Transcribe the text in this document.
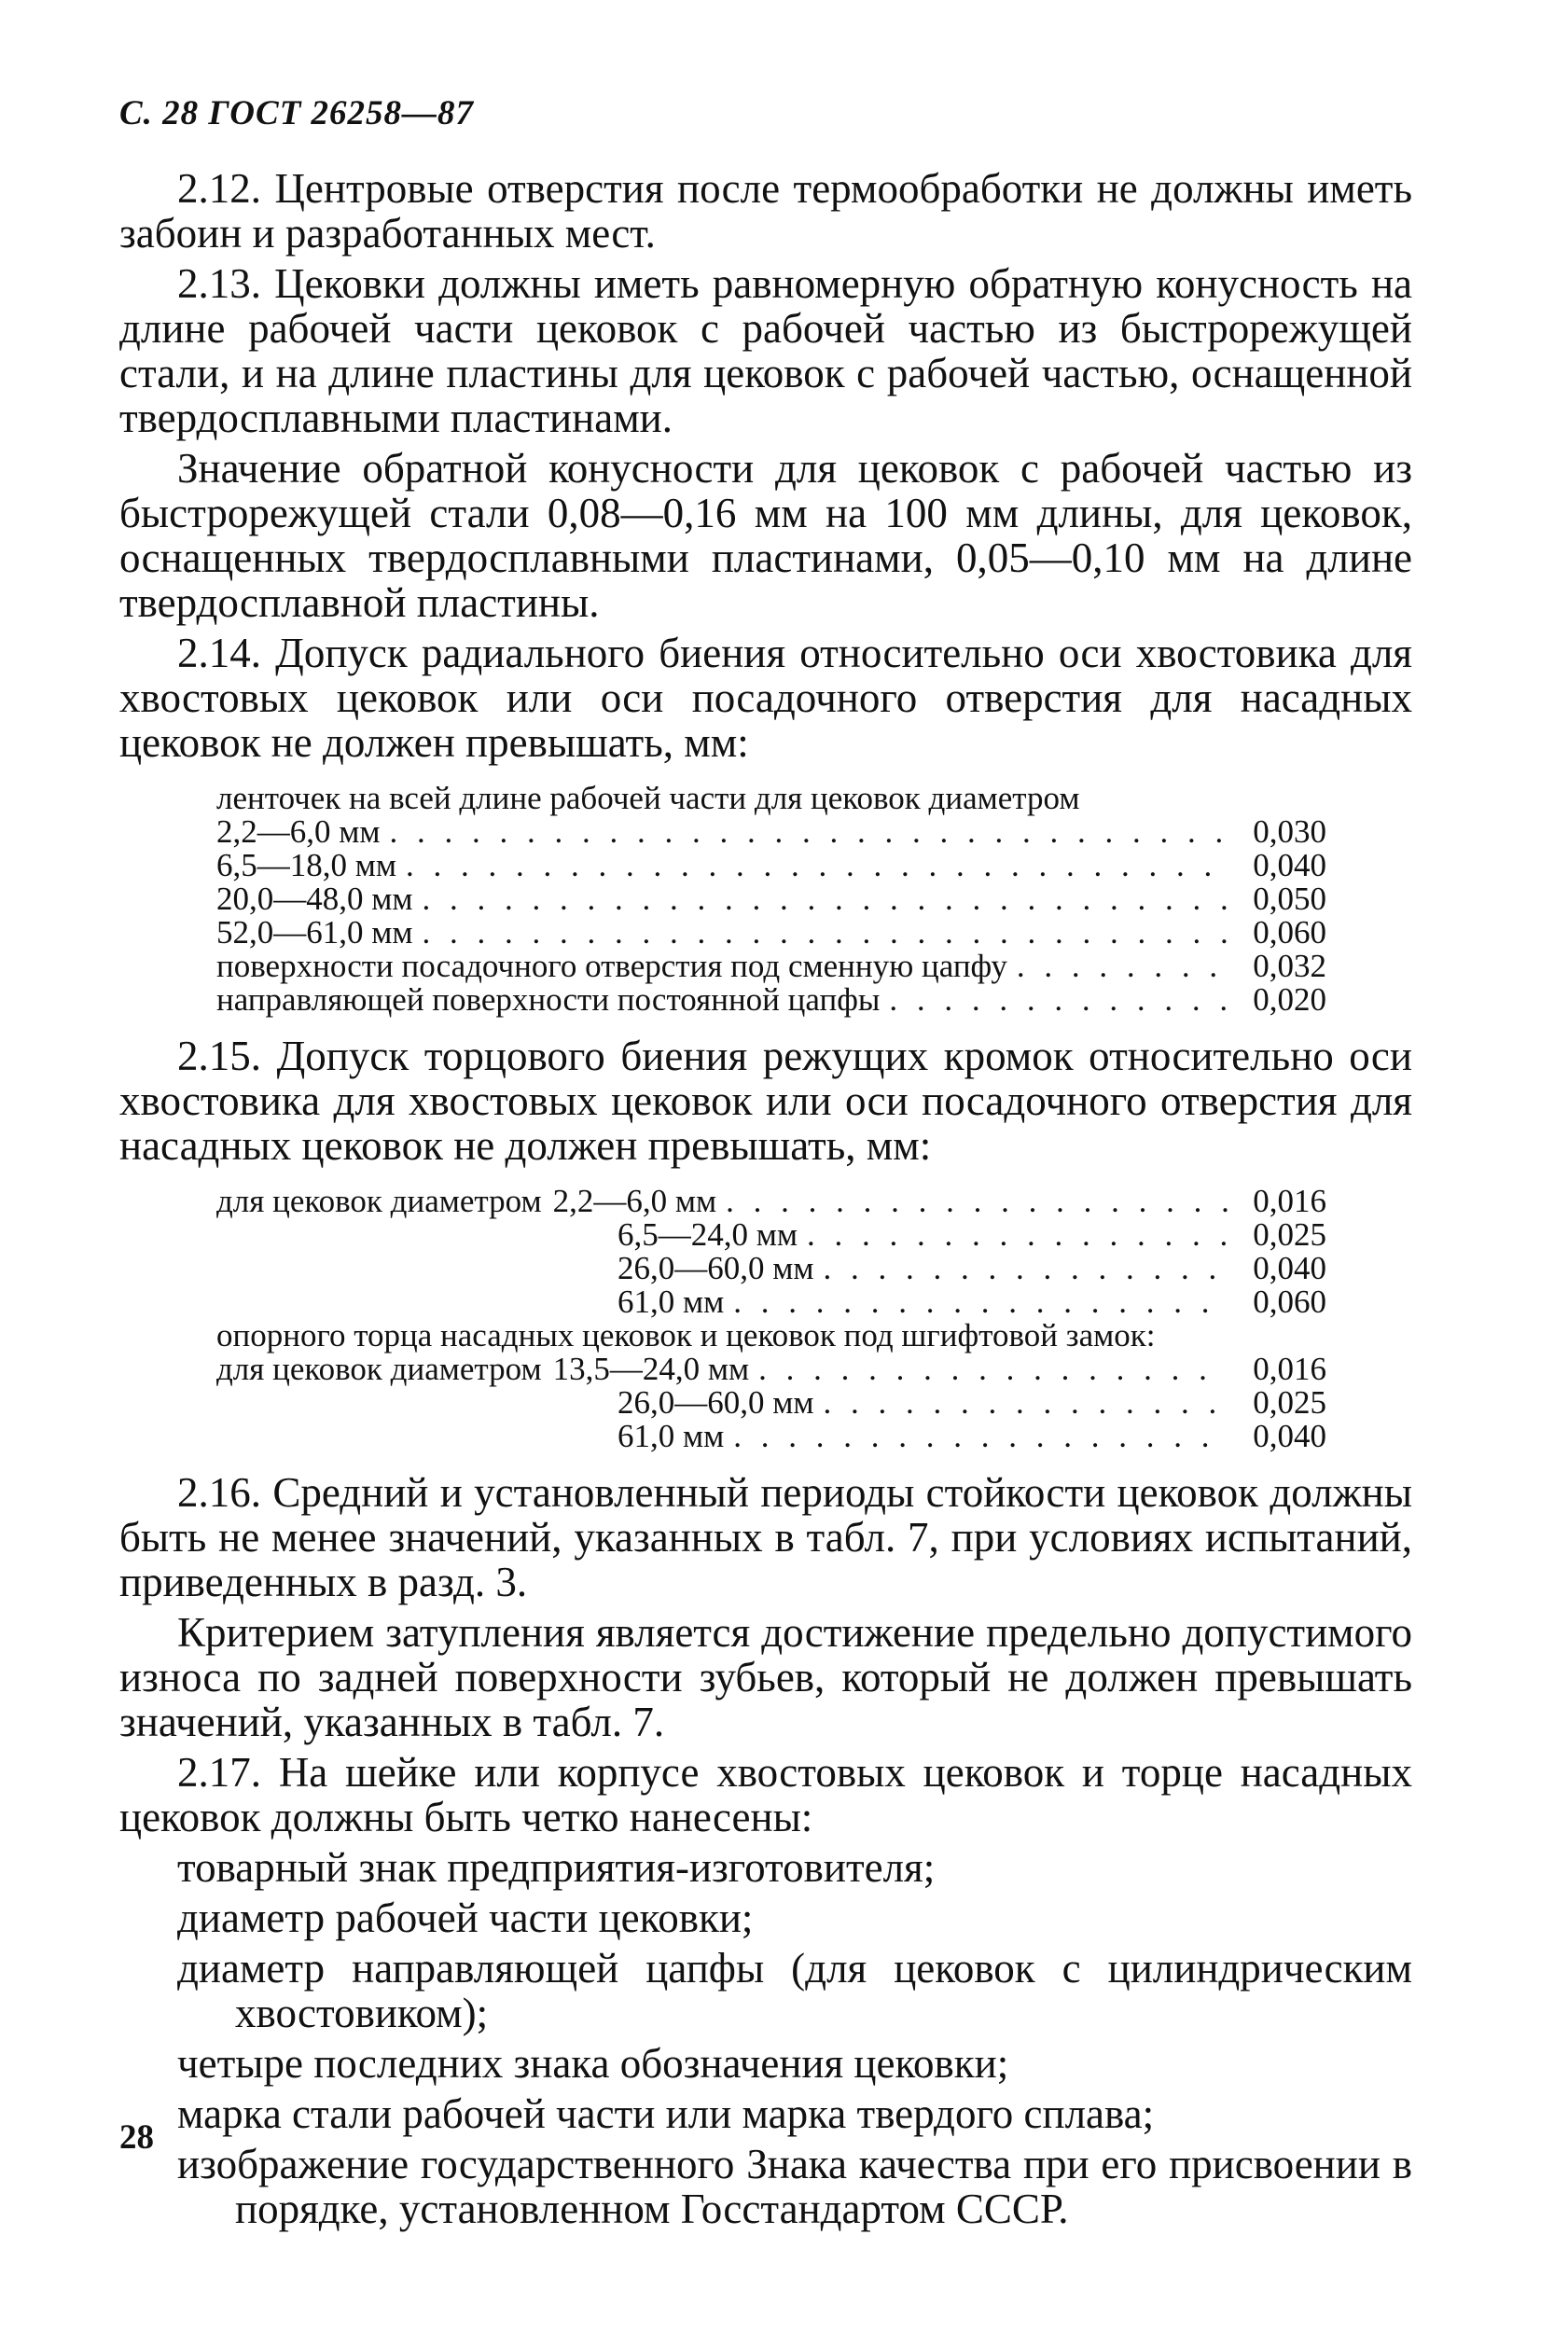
С. 28 ГОСТ 26258—87

2.12. Центровые отверстия после термообработки не должны иметь забоин и разработанных мест.

2.13. Цековки должны иметь равномерную обратную конусность на длине рабочей части цековок с рабочей частью из быстрорежущей стали, и на длине пластины для цековок с рабочей частью, оснащенной твердосплавными пластинами.

Значение обратной конусности для цековок с рабочей частью из быстрорежущей стали 0,08—0,16 мм на 100 мм длины, для цековок, оснащенных твердосплавными пластинами, 0,05—0,10 мм на длине твердосплавной пластины.

2.14. Допуск радиального биения относительно оси хвостовика для хвостовых цековок или оси посадочного отверстия для насадных цековок не должен превышать, мм:

ленточек на всей длине рабочей части для цековок диаметром
2,2—6,0 мм . . .	0,030
6,5—18,0 мм . . .	0,040
20,0—48,0 мм . . .	0,050
52,0—61,0 мм . . .	0,060
поверхности посадочного отверстия под сменную цапфу . . .	0,032
направляющей поверхности постоянной цапфы . . .	0,020

2.15. Допуск торцового биения режущих кромок относительно оси хвостовика для хвостовых цековок или оси посадочного отверстия для насадных цековок не должен превышать, мм:

для цековок диаметром 2,2—6,0 мм . . .	0,016
6,5—24,0 мм . . .	0,025
26,0—60,0 мм . . .	0,040
61,0 мм . . .	0,060
опорного торца насадных цековок и цековок под шгифтовой замок:
для цековок диаметром 13,5—24,0 мм . . .	0,016
26,0—60,0 мм . . .	0,025
61,0 мм . . .	0,040

2.16. Средний и установленный периоды стойкости цековок должны быть не менее значений, указанных в табл. 7, при условиях испытаний, приведенных в разд. 3.

Критерием затупления является достижение предельно допустимого износа по задней поверхности зубьев, который не должен превышать значений, указанных в табл. 7.

2.17. На шейке или корпусе хвостовых цековок и торце насадных цековок должны быть четко нанесены:

товарный знак предприятия-изготовителя;

диаметр рабочей части цековки;

диаметр направляющей цапфы (для цековок с цилиндрическим хвостовиком);

четыре последних знака обозначения цековки;

марка стали рабочей части или марка твердого сплава;

изображение государственного Знака качества при его присвоении в порядке, установленном Госстандартом СССР.

28
